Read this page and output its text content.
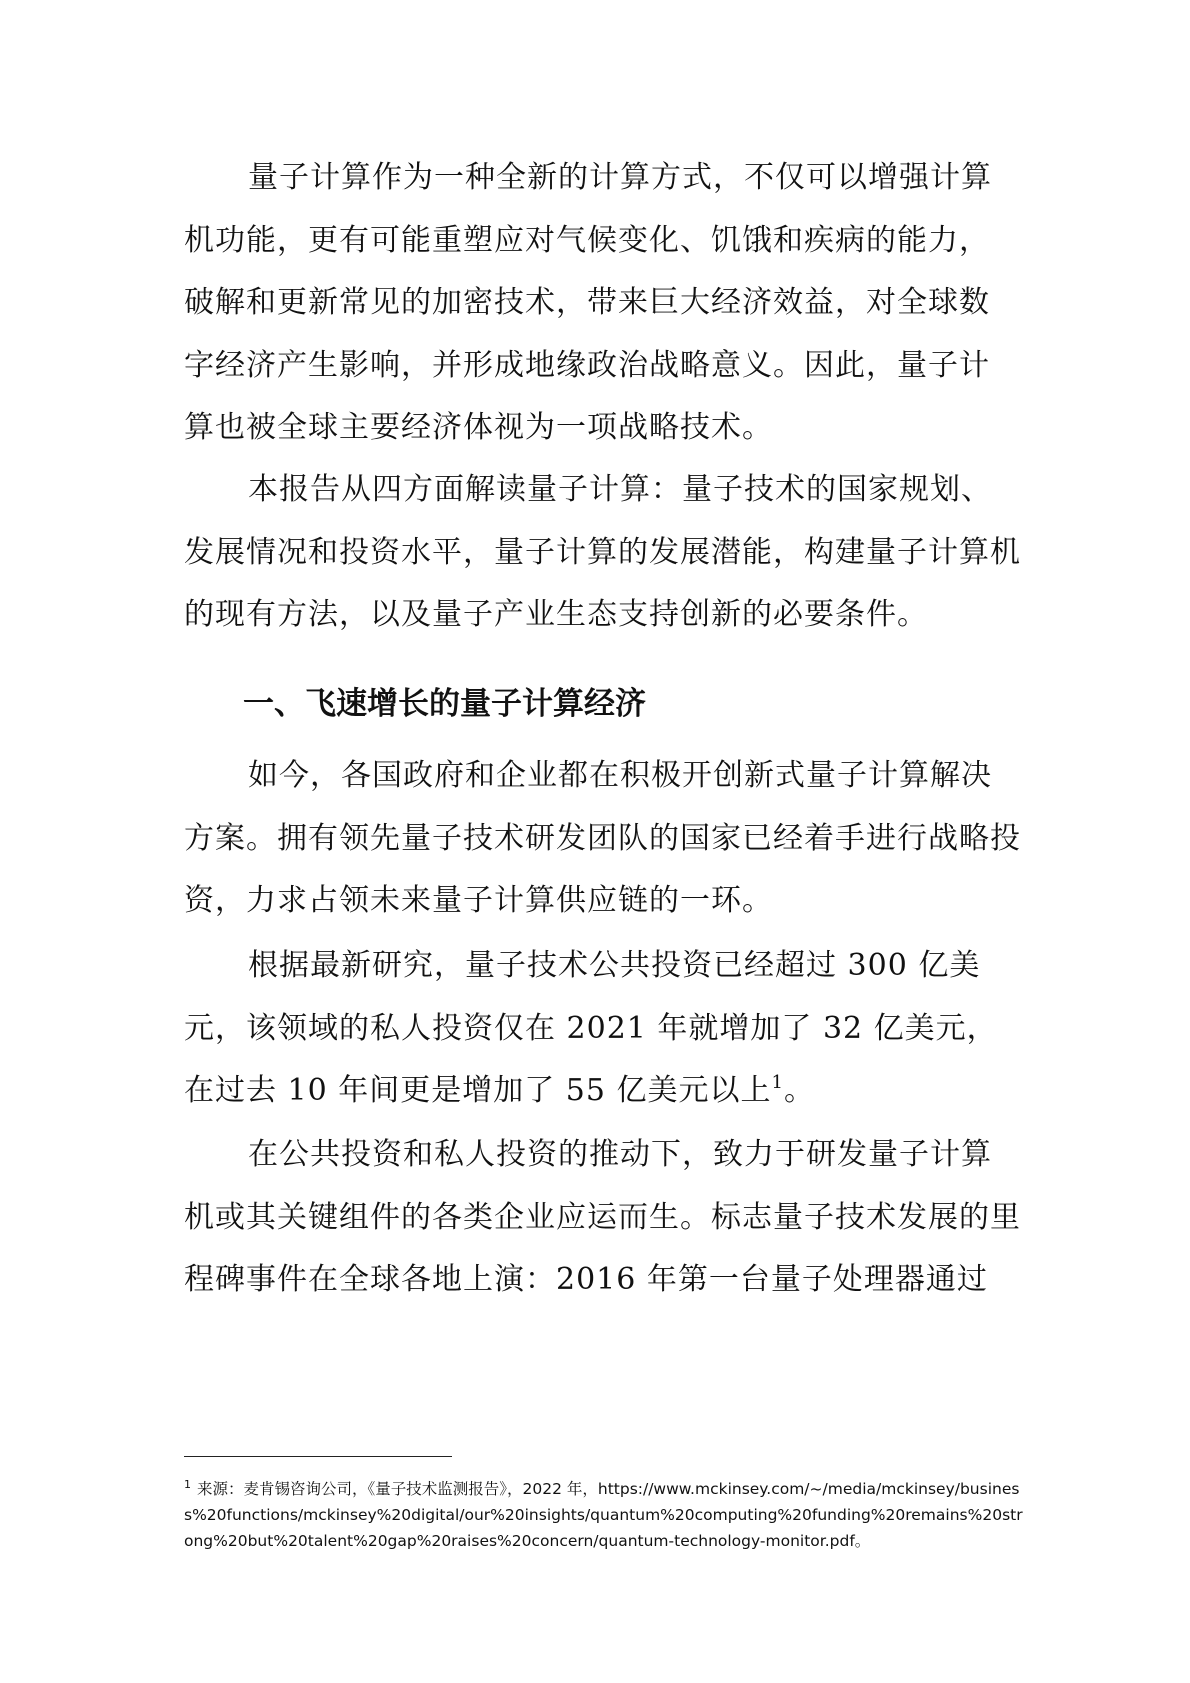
量子计算作为一种全新的计算方式，不仅可以增强计算机功能，更有可能重塑应对气候变化、饥饿和疾病的能力，破解和更新常见的加密技术，带来巨大经济效益，对全球数字经济产生影响，并形成地缘政治战略意义。因此，量子计算也被全球主要经济体视为一项战略技术。

本报告从四方面解读量子计算：量子技术的国家规划、发展情况和投资水平，量子计算的发展潜能，构建量子计算机的现有方法，以及量子产业生态支持创新的必要条件。

一、飞速增长的量子计算经济

如今，各国政府和企业都在积极开创新式量子计算解决方案。拥有领先量子技术研发团队的国家已经着手进行战略投资，力求占领未来量子计算供应链的一环。

根据最新研究，量子技术公共投资已经超过 300 亿美元，该领域的私人投资仅在 2021 年就增加了 32 亿美元，在过去 10 年间更是增加了 55 亿美元以上$^1$。

在公共投资和私人投资的推动下，致力于研发量子计算机或其关键组件的各类企业应运而生。标志量子技术发展的里程碑事件在全球各地上演：2016 年第一台量子处理器通过

$^1$ 来源：麦肯锡咨询公司，《量子技术监测报告》，2022 年，https://www.mckinsey.com/~/media/mckinsey/business%20functions/mckinsey%20digital/our%20insights/quantum%20computing%20funding%20remains%20strong%20but%20talent%20gap%20raises%20concern/quantum-technology-monitor.pdf。
